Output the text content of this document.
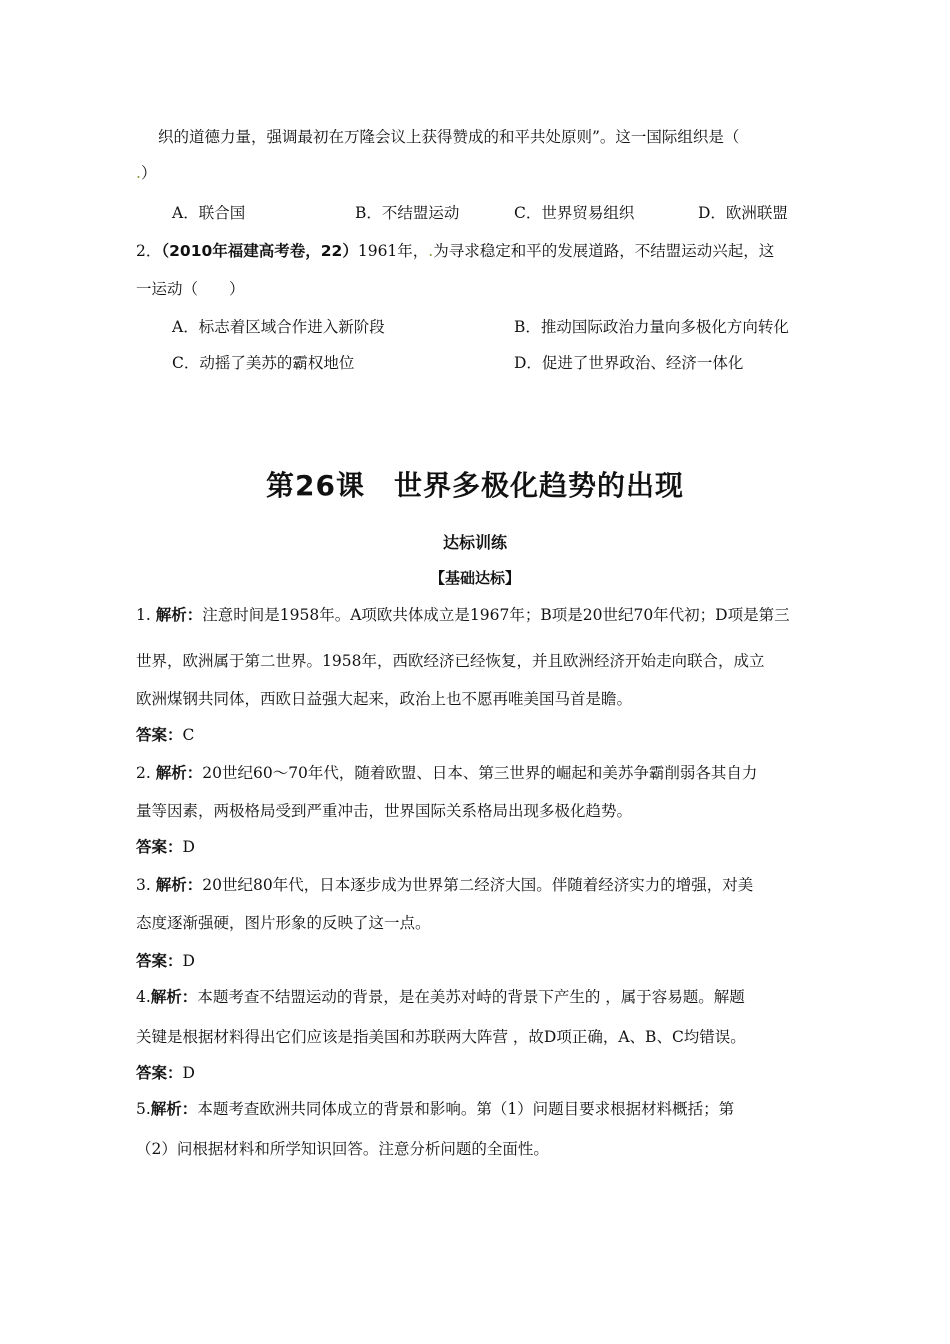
织的道德力量，强调最初在万隆会议上获得赞成的和平共处原则”。这一国际组织是（
.）
A．联合国	B．不结盟运动	C．世界贸易组织	D．欧洲联盟
2．（2010年福建高考卷，22）1961年，.为寻求稳定和平的发展道路，不结盟运动兴起，这
一运动（　　）
A．标志着区域合作进入新阶段	B．推动国际政治力量向多极化方向转化
C．动摇了美苏的霸权地位	D．促进了世界政治、经济一体化
第26课　世界多极化趋势的出现
达标训练
【基础达标】
1. 解析：注意时间是1958年。A项欧共体成立是1967年；B项是20世纪70年代初；D项是第三
世界，欧洲属于第二世界。1958年，西欧经济已经恢复，并且欧洲经济开始走向联合，成立
欧洲煤钢共同体，西欧日益强大起来，政治上也不愿再唯美国马首是瞻。
答案：C
2. 解析：20世纪60～70年代，随着欧盟、日本、第三世界的崛起和美苏争霸削弱各其自力
量等因素，两极格局受到严重冲击，世界国际关系格局出现多极化趋势。
答案：D
3. 解析：20世纪80年代，日本逐步成为世界第二经济大国。伴随着经济实力的增强，对美
态度逐渐强硬，图片形象的反映了这一点。
答案：D
4.解析：本题考查不结盟运动的背景，是在美苏对峙的背景下产生的 ，属于容易题。解题
关键是根据材料得出它们应该是指美国和苏联两大阵营 ，故D项正确，A、B、C均错误。
答案：D
5.解析：本题考查欧洲共同体成立的背景和影响。第（1）问题目要求根据材料概括；第
（2）问根据材料和所学知识回答。注意分析问题的全面性。
